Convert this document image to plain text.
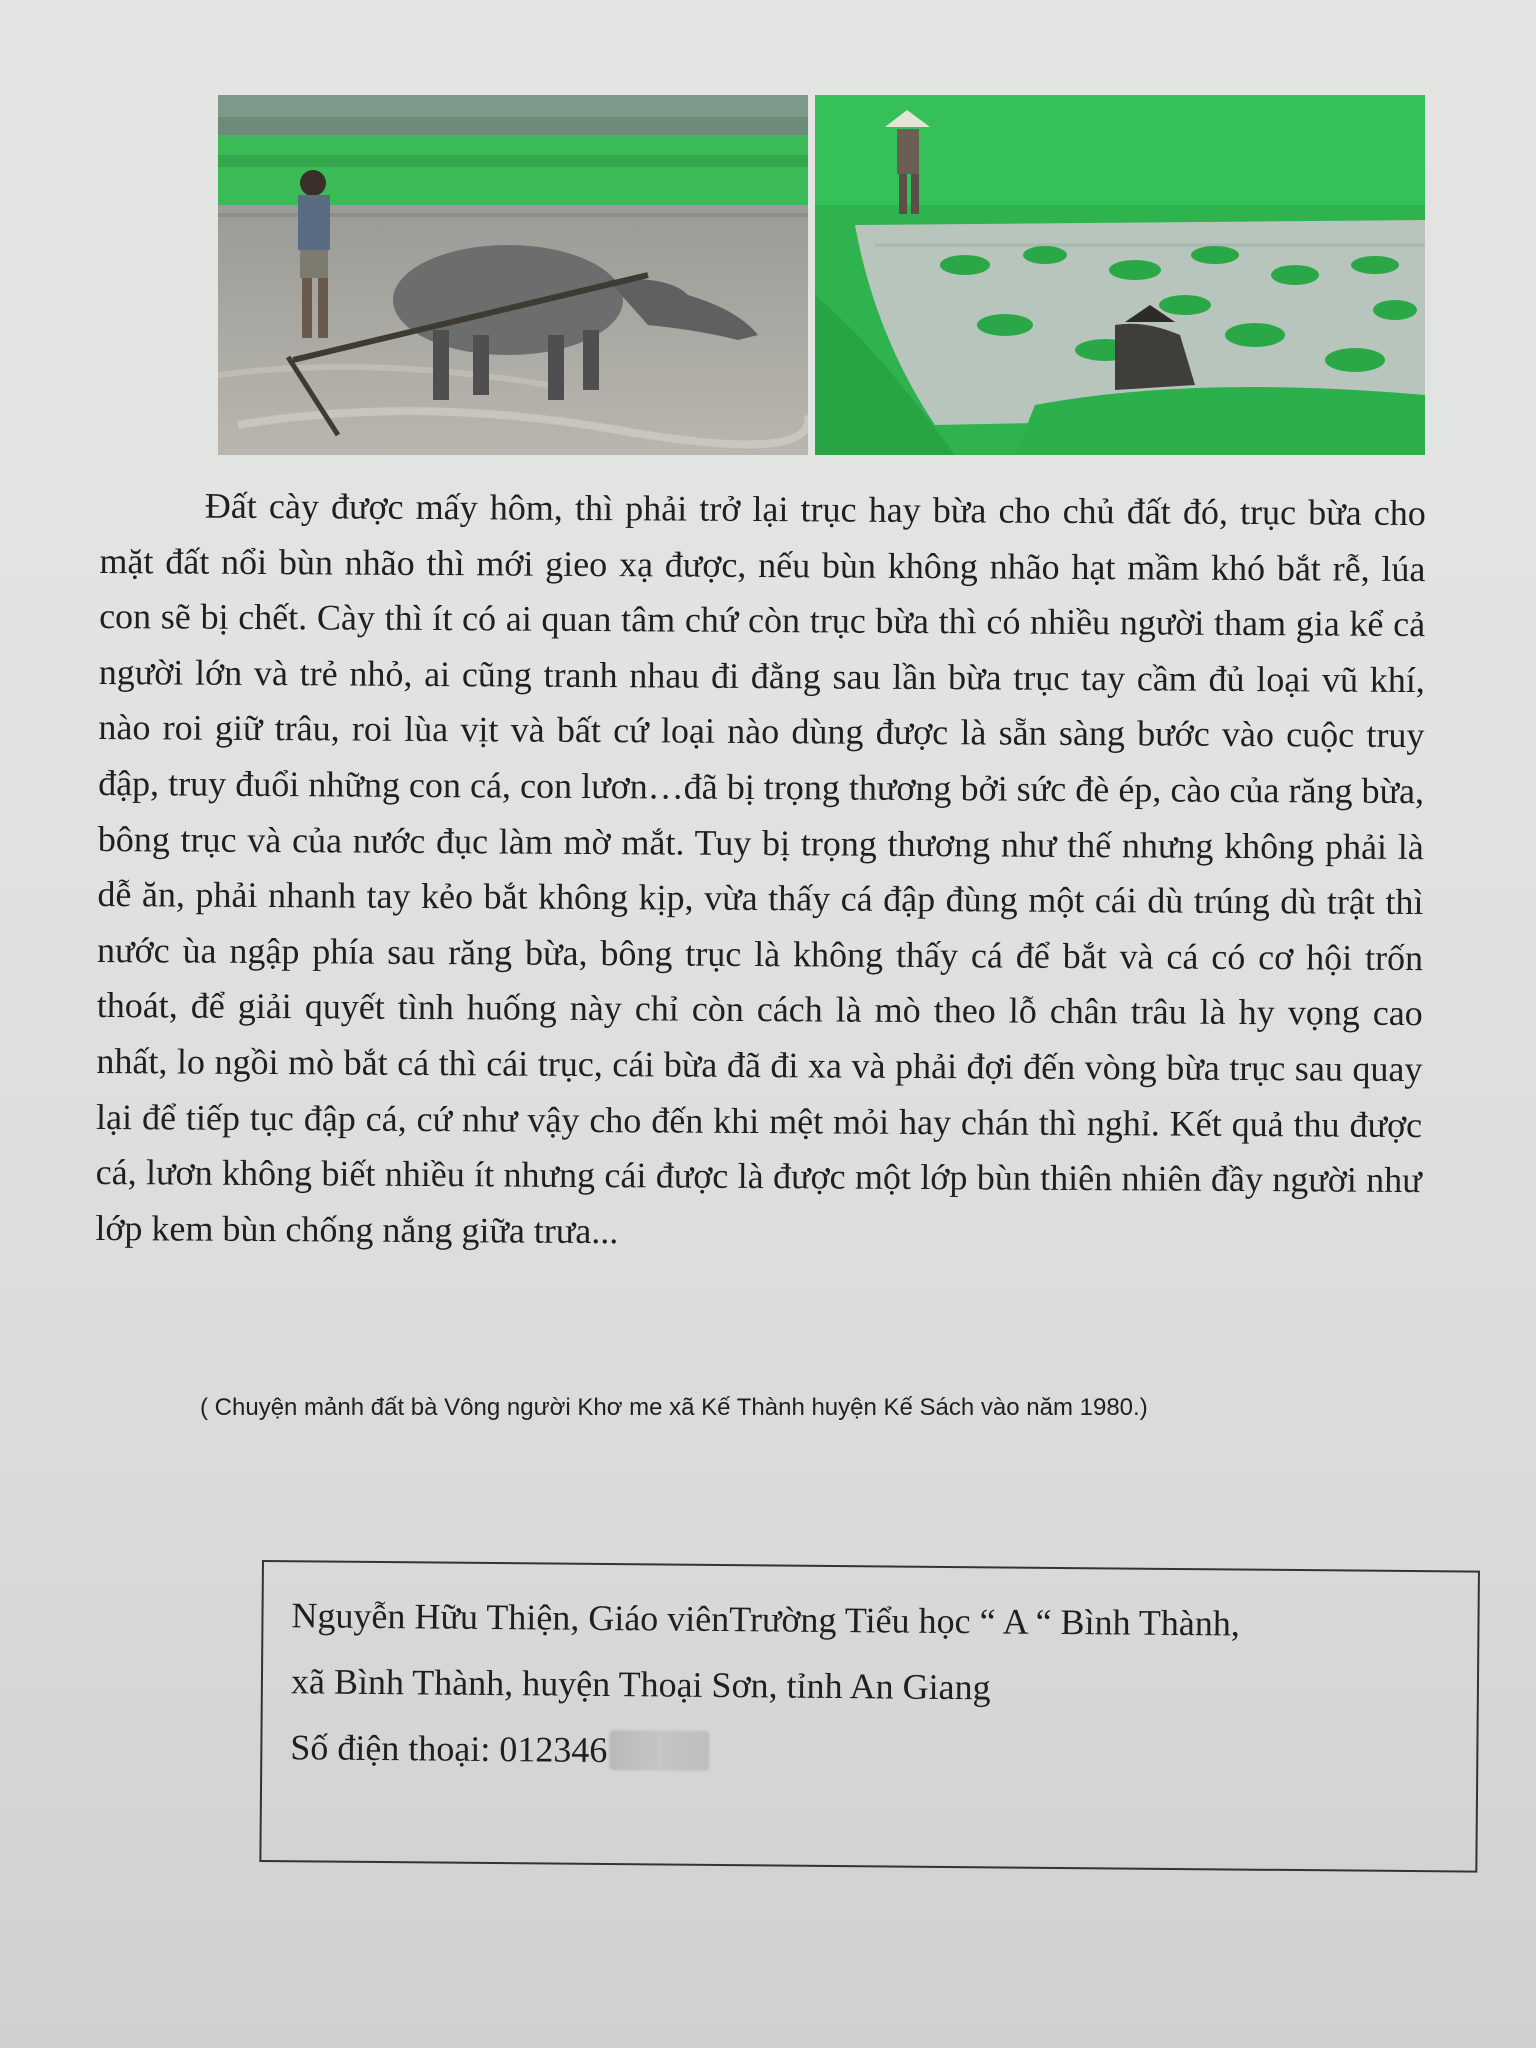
Đất cày được mấy hôm, thì phải trở lại trục hay bừa cho chủ đất đó, trục bừa cho mặt đất nổi bùn nhão thì mới gieo xạ được, nếu bùn không nhão hạt mầm khó bắt rễ, lúa con sẽ bị chết. Cày thì ít có ai quan tâm chứ còn trục bừa thì có nhiều người tham gia kể cả người lớn và trẻ nhỏ, ai cũng tranh nhau đi đằng sau lần bừa trục tay cầm đủ loại vũ khí, nào roi giữ trâu, roi lùa vịt và bất cứ loại nào dùng được là sẵn sàng bước vào cuộc truy đập, truy đuổi những con cá, con lươn…đã bị trọng thương bởi sức đè ép, cào của răng bừa, bông trục và của nước đục làm mờ mắt. Tuy bị trọng thương như thế nhưng không phải là dễ ăn, phải nhanh tay kẻo bắt không kịp, vừa thấy cá đập đùng một cái dù trúng dù trật thì nước ùa ngập phía sau răng bừa, bông trục là không thấy cá để bắt và cá có cơ hội trốn thoát, để giải quyết tình huống này chỉ còn cách là mò theo lỗ chân trâu là hy vọng cao nhất, lo ngồi mò bắt cá thì cái trục, cái bừa đã đi xa và phải đợi đến vòng bừa trục sau quay lại để tiếp tục đập cá, cứ như vậy cho đến khi mệt mỏi hay chán thì nghỉ. Kết quả thu được cá, lươn không biết nhiều ít nhưng cái được là được một lớp bùn thiên nhiên đầy người như lớp kem bùn chống nắng giữa trưa...

( Chuyện mảnh đất bà Vông người Khơ me xã Kế Thành huyện Kế Sách vào năm 1980.)
Nguyễn Hữu Thiện, Giáo viênTrường Tiểu học “ A “ Bình Thành,
xã Bình Thành, huyện Thoại Sơn, tỉnh An Giang
Số điện thoại: 012346
